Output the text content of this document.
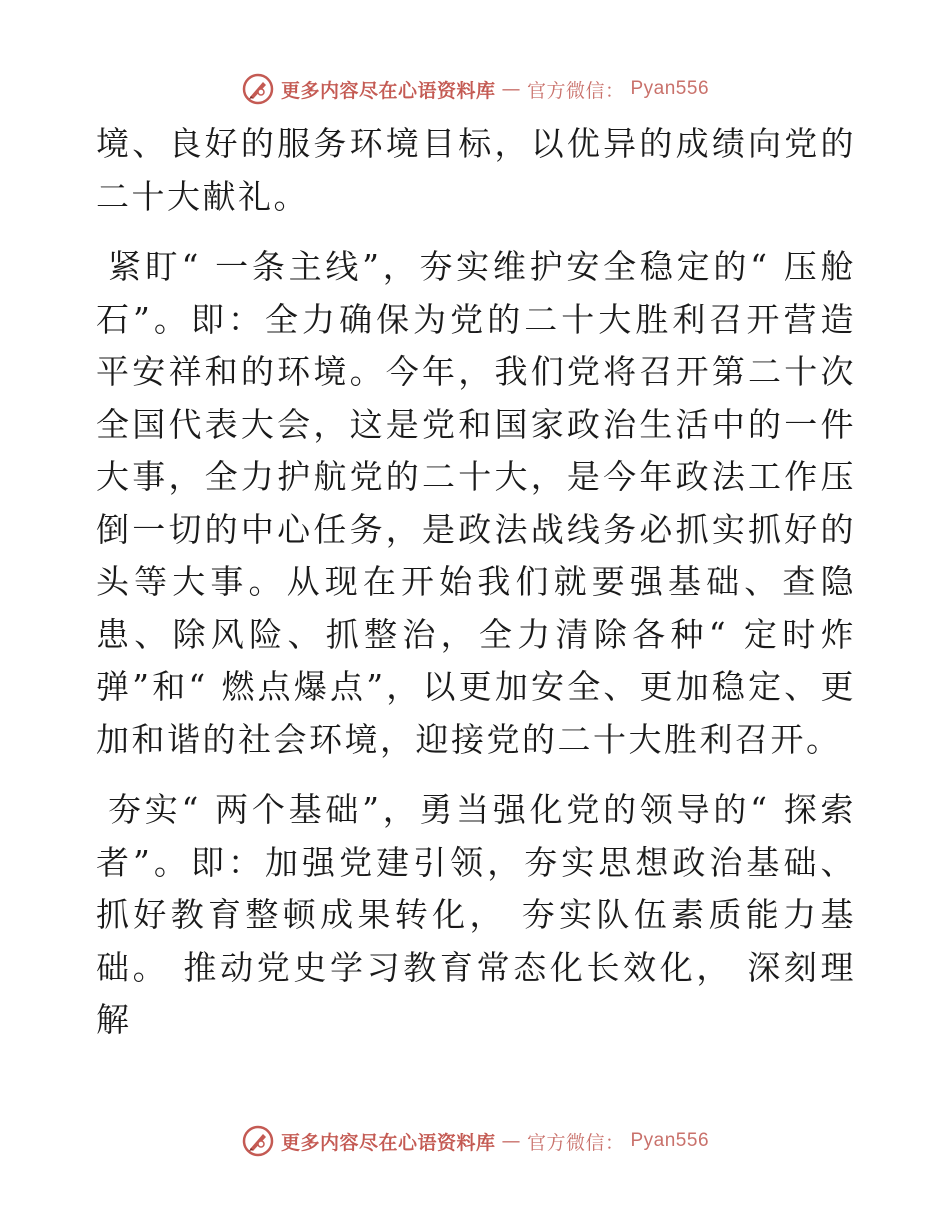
更多内容尽在心语资料库 — 官方微信： Pyan556

境、良好的服务环境目标，以优异的成绩向党的二十大献礼。

紧盯“ 一条主线”，夯实维护安全稳定的“ 压舱石”。即：全力确保为党的二十大胜利召开营造平安祥和的环境。今年，我们党将召开第二十次全国代表大会，这是党和国家政治生活中的一件大事，全力护航党的二十大，是今年政法工作压倒一切的中心任务，是政法战线务必抓实抓好的头等大事。从现在开始我们就要强基础、查隐患、除风险、抓整治，全力清除各种“ 定时炸弹”和“ 燃点爆点”，以更加安全、更加稳定、更加和谐的社会环境，迎接党的二十大胜利召开。

夯实“ 两个基础”，勇当强化党的领导的“ 探索者”。即：加强党建引领，夯实思想政治基础、抓好教育整顿成果转化， 夯实队伍素质能力基础。 推动党史学习教育常态化长效化， 深刻理解

更多内容尽在心语资料库 — 官方微信： Pyan556
